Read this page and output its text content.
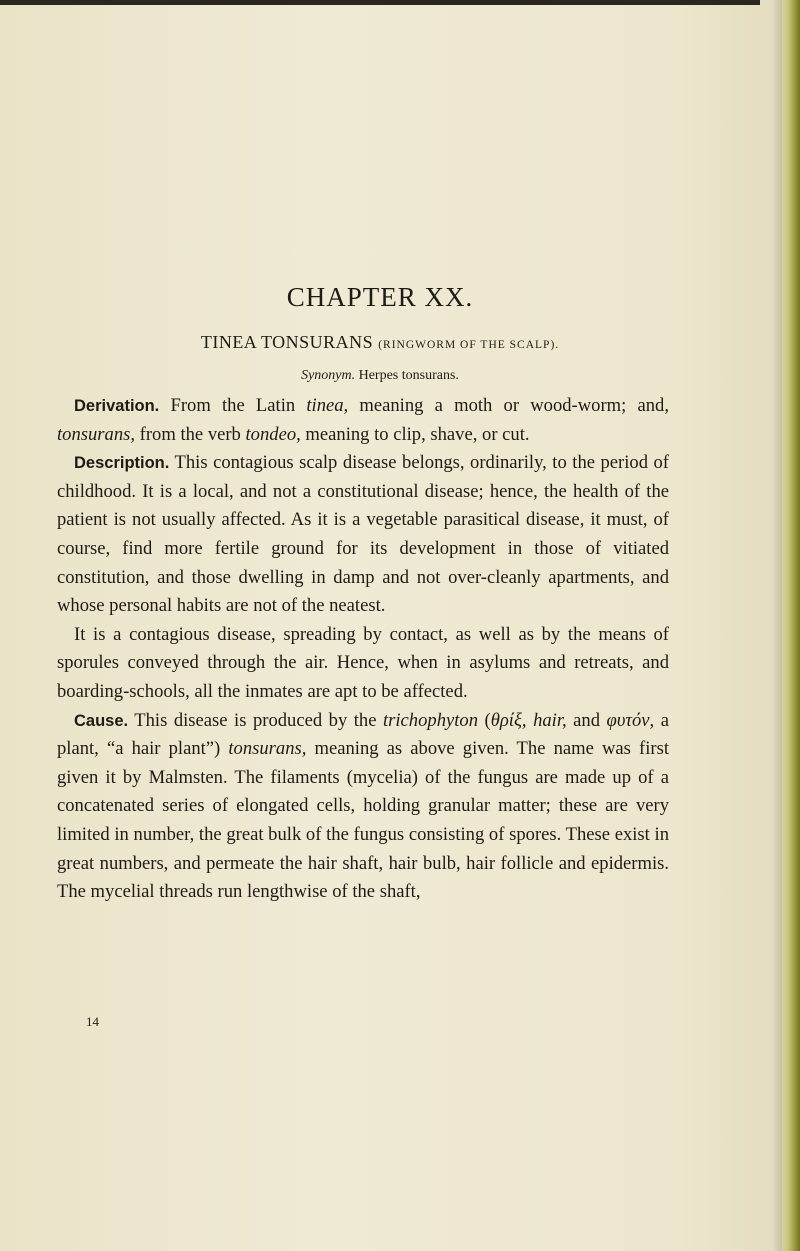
CHAPTER XX.
TINEA TONSURANS (RINGWORM OF THE SCALP).
Synonym. Herpes tonsurans.

Derivation. From the Latin tinea, meaning a moth or wood-worm; and, tonsurans, from the verb tondeo, meaning to clip, shave, or cut.

Description. This contagious scalp disease belongs, ordinarily, to the period of childhood. It is a local, and not a constitutional disease; hence, the health of the patient is not usually affected. As it is a vegetable parasitical disease, it must, of course, find more fertile ground for its development in those of vitiated constitution, and those dwelling in damp and not over-cleanly apartments, and whose personal habits are not of the neatest.

It is a contagious disease, spreading by contact, as well as by the means of sporules conveyed through the air. Hence, when in asylums and retreats, and boarding-schools, all the inmates are apt to be affected.

Cause. This disease is produced by the trichophyton (θρίξ, hair, and φυτόν, a plant, “a hair plant”) tonsurans, meaning as above given. The name was first given it by Malmsten. The filaments (mycelia) of the fungus are made up of a concatenated series of elongated cells, holding granular matter; these are very limited in number, the great bulk of the fungus consisting of spores. These exist in great numbers, and permeate the hair shaft, hair bulb, hair follicle and epidermis. The mycelial threads run lengthwise of the shaft,

14
